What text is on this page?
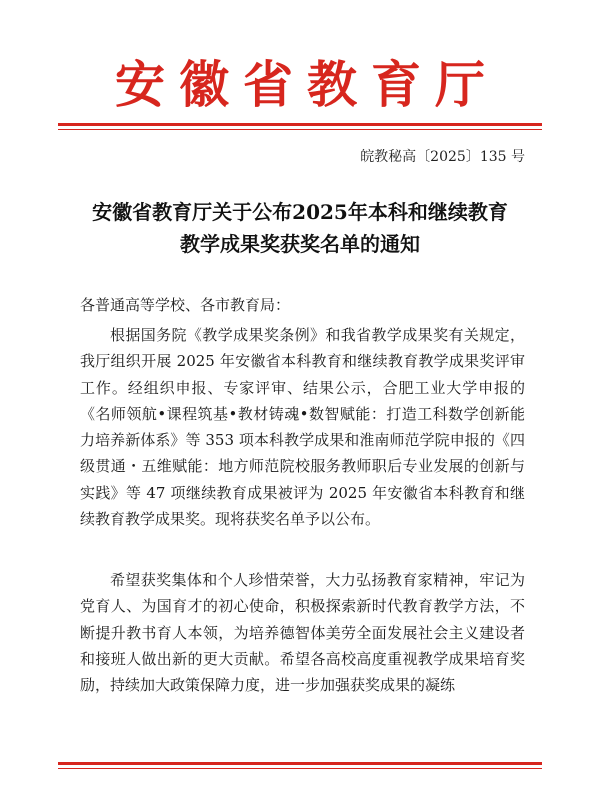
安徽省教育厅
皖教秘高〔2025〕135 号
安徽省教育厅关于公布2025年本科和继续教育
教学成果奖获奖名单的通知
各普通高等学校、各市教育局：

根据国务院《教学成果奖条例》和我省教学成果奖有关规定，我厅组织开展 2025 年安徽省本科教育和继续教育教学成果奖评审工作。经组织申报、专家评审、结果公示，合肥工业大学申报的《名师领航•课程筑基•教材铸魂•数智赋能：打造工科数学创新能力培养新体系》等 353 项本科教学成果和淮南师范学院申报的《四级贯通・五维赋能：地方师范院校服务教师职后专业发展的创新与实践》等 47 项继续教育成果被评为 2025 年安徽省本科教育和继续教育教学成果奖。现将获奖名单予以公布。

希望获奖集体和个人珍惜荣誉，大力弘扬教育家精神，牢记为党育人、为国育才的初心使命，积极探索新时代教育教学方法，不断提升教书育人本领，为培养德智体美劳全面发展社会主义建设者和接班人做出新的更大贡献。希望各高校高度重视教学成果培育奖励，持续加大政策保障力度，进一步加强获奖成果的凝练
